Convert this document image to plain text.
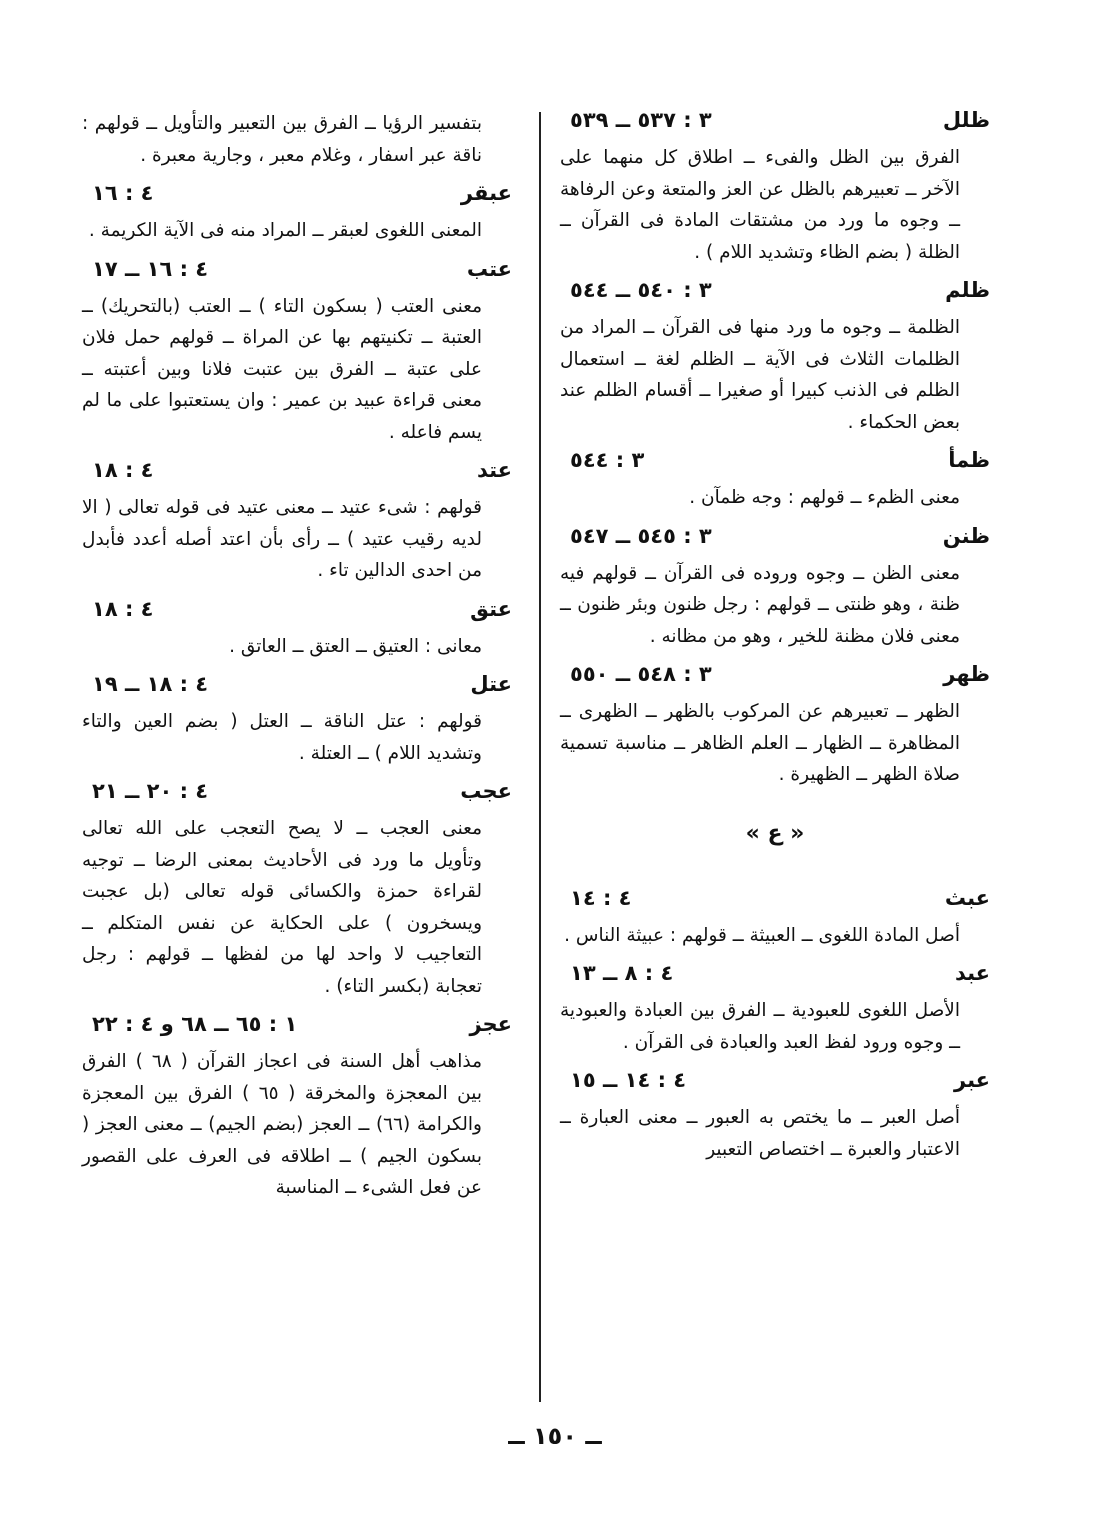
ظلل
٣ : ٥٣٧ ــ ٥٣٩
الفرق بين الظل والفىء ــ اطلاق كل منهما على الآخر ــ تعبيرهم بالظل عن العز والمتعة وعن الرفاهة ــ وجوه ما ورد من مشتقات المادة فى القرآن ــ الظلة ( بضم الظاء وتشديد اللام ) .
ظلم
٣ : ٥٤٠ ــ ٥٤٤
الظلمة ــ وجوه ما ورد منها فى القرآن ــ المراد من الظلمات الثلاث فى الآية ــ الظلم لغة ــ استعمال الظلم فى الذنب كبيرا أو صغيرا ــ أقسام الظلم عند بعض الحكماء .
ظمأ
٣ : ٥٤٤
معنى الظمء ــ قولهم : وجه ظمآن .
ظنن
٣ : ٥٤٥ ــ ٥٤٧
معنى الظن ــ وجوه وروده فى القرآن ــ قولهم فيه ظنة ، وهو ظنتى ــ قولهم : رجل ظنون وبئر ظنون ــ معنى فلان مظنة للخير ، وهو من مظانه .
ظهر
٣ : ٥٤٨ ــ ٥٥٠
الظهر ــ تعبيرهم عن المركوب بالظهر ــ الظهرى ــ المظاهرة ــ الظهار ــ العلم الظاهر ــ مناسبة تسمية صلاة الظهر ــ الظهيرة .
« ع »
عبث
٤ : ١٤
أصل المادة اللغوى ــ العبيثة ــ قولهم : عبيثة الناس .
عبد
٤ : ٨ ــ ١٣
الأصل اللغوى للعبودية ــ الفرق بين العبادة والعبودية ــ وجوه ورود لفظ العبد والعبادة فى القرآن .
عبر
٤ : ١٤ ــ ١٥
أصل العبر ــ ما يختص به العبور ــ معنى العبارة ــ الاعتبار والعبرة ــ اختصاص التعبير
بتفسير الرؤيا ــ الفرق بين التعبير والتأويل ــ قولهم : ناقة عبر اسفار ، وغلام معبر ، وجارية معبرة .
عبقر
٤ : ١٦
المعنى اللغوى لعبقر ــ المراد منه فى الآية الكريمة .
عتب
٤ : ١٦ ــ ١٧
معنى العتب ( بسكون التاء ) ــ العتب (بالتحريك) ــ العتبة ــ تكنيتهم بها عن المراة ــ قولهم حمل فلان على عتبة ــ الفرق بين عتبت فلانا وبين أعتبته ــ معنى قراءة عبيد بن عمير : وان يستعتبوا على ما لم يسم فاعله .
عتد
٤ : ١٨
قولهم : شىء عتيد ــ معنى عتيد فى قوله تعالى ( الا لديه رقيب عتيد ) ــ رأى بأن اعتد أصله أعدد فأبدل من احدى الدالين تاء .
عتق
٤ : ١٨
معانى : العتيق ــ العتق ــ العاتق .
عتل
٤ : ١٨ ــ ١٩
قولهم : عتل الناقة ــ العتل ( بضم العين والتاء وتشديد اللام ) ــ العتلة .
عجب
٤ : ٢٠ ــ ٢١
معنى العجب ــ لا يصح التعجب على الله تعالى وتأويل ما ورد فى الأحاديث بمعنى الرضا ــ توجيه لقراءة حمزة والكسائى قوله تعالى (بل عجبت ويسخرون ) على الحكاية عن نفس المتكلم ــ التعاجيب لا واحد لها من لفظها ــ قولهم : رجل تعجابة (بكسر التاء) .
عجز
١ : ٦٥ ــ ٦٨ و ٤ : ٢٢
مذاهب أهل السنة فى اعجاز القرآن ( ٦٨ ) الفرق بين المعجزة والمخرقة ( ٦٥ ) الفرق بين المعجزة والكرامة (٦٦) ــ العجز (بضم الجيم) ــ معنى العجز ( بسكون الجيم ) ــ اطلاقه فى العرف على القصور عن فعل الشىء ــ المناسبة
ــ ١٥٠ ــ
